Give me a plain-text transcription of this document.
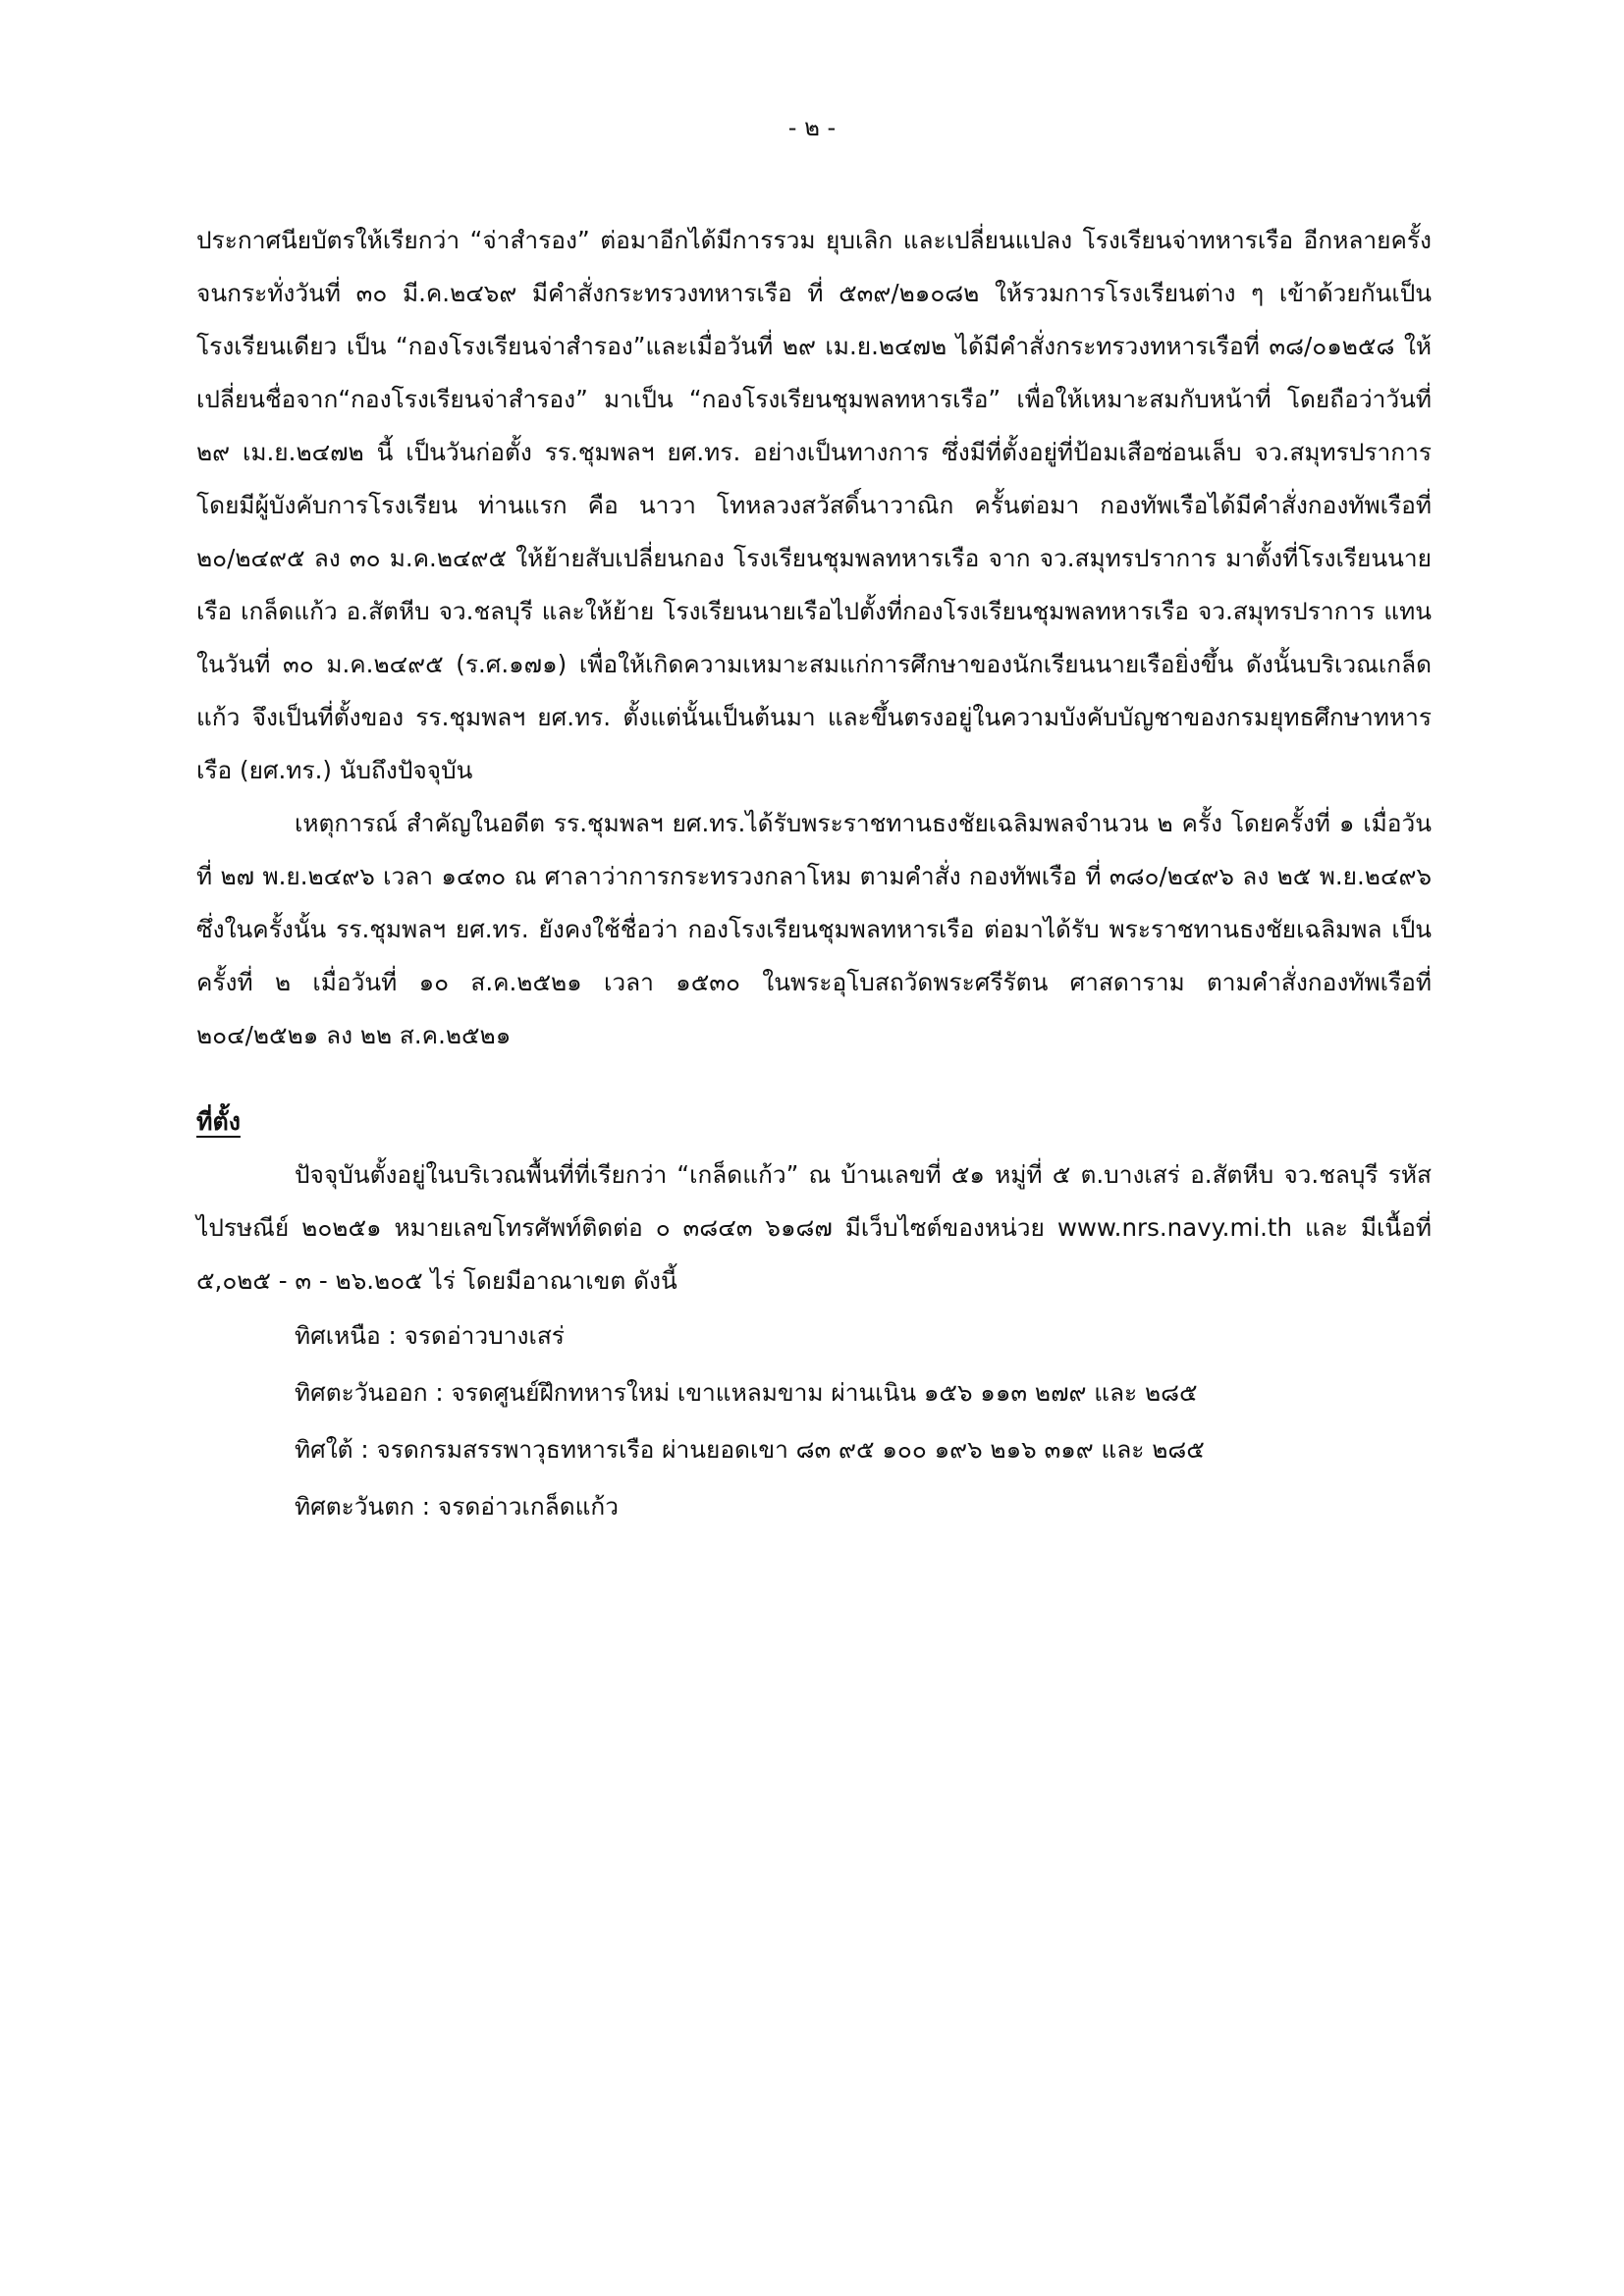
- ๒ -

ประกาศนียบัตรให้เรียกว่า “จ่าสำรอง” ต่อมาอีกได้มีการรวม ยุบเลิก และเปลี่ยนแปลง โรงเรียนจ่าทหารเรือ อีกหลายครั้ง จนกระทั่งวันที่ ๓๐ มี.ค.๒๔๖๙ มีคำสั่งกระทรวงทหารเรือ ที่ ๕๓๙/๒๑๐๘๒ ให้รวมการโรงเรียนต่าง ๆ เข้าด้วยกันเป็นโรงเรียนเดียว เป็น “กองโรงเรียนจ่าสำรอง”และเมื่อวันที่ ๒๙ เม.ย.๒๔๗๒ ได้มีคำสั่งกระทรวงทหารเรือที่ ๓๘/๐๑๒๕๘ ให้เปลี่ยนชื่อจาก“กองโรงเรียนจ่าสำรอง” มาเป็น “กองโรงเรียนชุมพลทหารเรือ” เพื่อให้เหมาะสมกับหน้าที่ โดยถือว่าวันที่ ๒๙ เม.ย.๒๔๗๒ นี้ เป็นวันก่อตั้ง รร.ชุมพลฯ ยศ.ทร. อย่างเป็นทางการ ซึ่งมีที่ตั้งอยู่ที่ป้อมเสือซ่อนเล็บ จว.สมุทรปราการ โดยมีผู้บังคับการโรงเรียน ท่านแรก คือ นาวา โทหลวงสวัสดิ์นาวาณิก ครั้นต่อมา กองทัพเรือได้มีคำสั่งกองทัพเรือที่ ๒๐/๒๔๙๕ ลง ๓๐ ม.ค.๒๔๙๕ ให้ย้ายสับเปลี่ยนกอง โรงเรียนชุมพลทหารเรือ จาก จว.สมุทรปราการ มาตั้งที่โรงเรียนนายเรือ เกล็ดแก้ว อ.สัตหีบ จว.ชลบุรี และให้ย้าย โรงเรียนนายเรือไปตั้งที่กองโรงเรียนชุมพลทหารเรือ จว.สมุทรปราการ แทน ในวันที่ ๓๐ ม.ค.๒๔๙๕ (ร.ศ.๑๗๑) เพื่อให้เกิดความเหมาะสมแก่การศึกษาของนักเรียนนายเรือยิ่งขึ้น ดังนั้นบริเวณเกล็ดแก้ว จึงเป็นที่ตั้งของ รร.ชุมพลฯ ยศ.ทร. ตั้งแต่นั้นเป็นต้นมา และขึ้นตรงอยู่ในความบังคับบัญชาของกรมยุทธศึกษาทหารเรือ (ยศ.ทร.) นับถึงปัจจุบัน

เหตุการณ์ สำคัญในอดีต รร.ชุมพลฯ ยศ.ทร.ได้รับพระราชทานธงชัยเฉลิมพลจำนวน ๒ ครั้ง โดยครั้งที่ ๑ เมื่อวันที่ ๒๗ พ.ย.๒๔๙๖ เวลา ๑๔๓๐ ณ ศาลาว่าการกระทรวงกลาโหม ตามคำสั่ง กองทัพเรือ ที่ ๓๘๐/๒๔๙๖ ลง ๒๕ พ.ย.๒๔๙๖ ซึ่งในครั้งนั้น รร.ชุมพลฯ ยศ.ทร. ยังคงใช้ชื่อว่า กองโรงเรียนชุมพลทหารเรือ ต่อมาได้รับ พระราชทานธงชัยเฉลิมพล เป็นครั้งที่ ๒ เมื่อวันที่ ๑๐ ส.ค.๒๕๒๑ เวลา ๑๕๓๐ ในพระอุโบสถวัดพระศรีรัตน ศาสดาราม ตามคำสั่งกองทัพเรือที่ ๒๐๔/๒๕๒๑ ลง ๒๒ ส.ค.๒๕๒๑

ที่ตั้ง

ปัจจุบันตั้งอยู่ในบริเวณพื้นที่ที่เรียกว่า “เกล็ดแก้ว” ณ บ้านเลขที่ ๕๑ หมู่ที่ ๕ ต.บางเสร่ อ.สัตหีบ จว.ชลบุรี รหัสไปรษณีย์ ๒๐๒๕๑ หมายเลขโทรศัพท์ติดต่อ ๐ ๓๘๔๓ ๖๑๘๗ มีเว็บไซต์ของหน่วย www.nrs.navy.mi.th และ มีเนื้อที่ ๕,๐๒๕ - ๓ - ๒๖.๒๐๕ ไร่ โดยมีอาณาเขต ดังนี้

ทิศเหนือ : จรดอ่าวบางเสร่
ทิศตะวันออก : จรดศูนย์ฝึกทหารใหม่ เขาแหลมขาม ผ่านเนิน ๑๕๖ ๑๑๓ ๒๗๙ และ ๒๘๕
ทิศใต้ : จรดกรมสรรพาวุธทหารเรือ ผ่านยอดเขา ๘๓ ๙๕ ๑๐๐ ๑๙๖ ๒๑๖ ๓๑๙ และ ๒๘๕
ทิศตะวันตก : จรดอ่าวเกล็ดแก้ว
